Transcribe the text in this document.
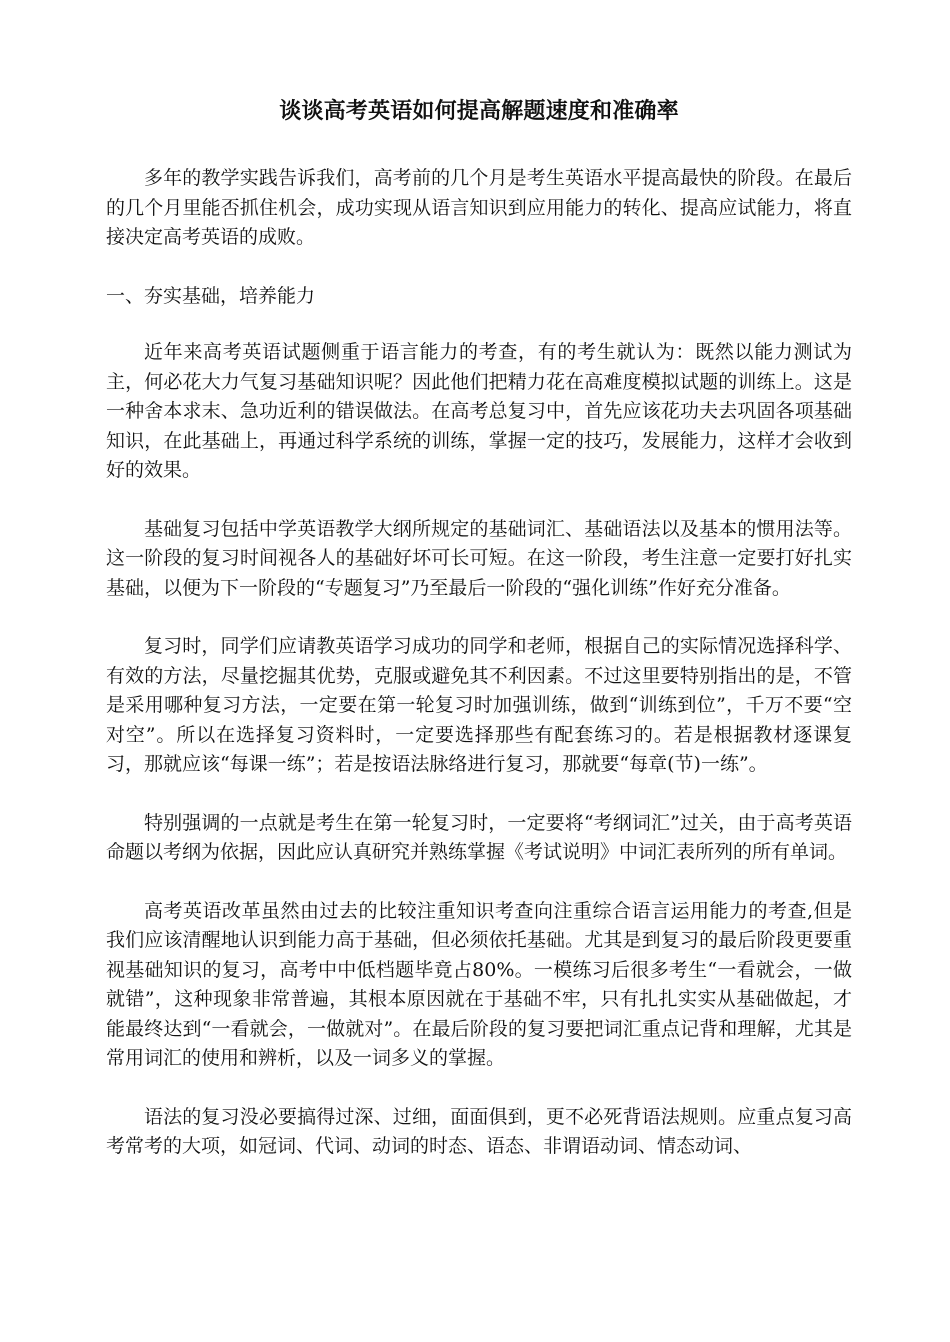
谈谈高考英语如何提高解题速度和准确率

多年的教学实践告诉我们，高考前的几个月是考生英语水平提高最快的阶段。在最后的几个月里能否抓住机会，成功实现从语言知识到应用能力的转化、提高应试能力，将直接决定高考英语的成败。

一、夯实基础，培养能力

近年来高考英语试题侧重于语言能力的考查，有的考生就认为：既然以能力测试为主，何必花大力气复习基础知识呢？因此他们把精力花在高难度模拟试题的训练上。这是一种舍本求末、急功近利的错误做法。在高考总复习中，首先应该花功夫去巩固各项基础知识，在此基础上，再通过科学系统的训练，掌握一定的技巧，发展能力，这样才会收到好的效果。

基础复习包括中学英语教学大纲所规定的基础词汇、基础语法以及基本的惯用法等。这一阶段的复习时间视各人的基础好坏可长可短。在这一阶段，考生注意一定要打好扎实基础，以便为下一阶段的“专题复习”乃至最后一阶段的“强化训练”作好充分准备。

复习时，同学们应请教英语学习成功的同学和老师，根据自己的实际情况选择科学、有效的方法，尽量挖掘其优势，克服或避免其不利因素。不过这里要特别指出的是，不管是采用哪种复习方法，一定要在第一轮复习时加强训练，做到“训练到位”，千万不要“空对空”。所以在选择复习资料时，一定要选择那些有配套练习的。若是根据教材逐课复习，那就应该“每课一练”；若是按语法脉络进行复习，那就要“每章(节)一练”。

特别强调的一点就是考生在第一轮复习时，一定要将“考纲词汇”过关，由于高考英语命题以考纲为依据，因此应认真研究并熟练掌握《考试说明》中词汇表所列的所有单词。

高考英语改革虽然由过去的比较注重知识考查向注重综合语言运用能力的考查,但是我们应该清醒地认识到能力高于基础，但必须依托基础。尤其是到复习的最后阶段更要重视基础知识的复习，高考中中低档题毕竟占80%。一模练习后很多考生“一看就会，一做就错”，这种现象非常普遍，其根本原因就在于基础不牢，只有扎扎实实从基础做起，才能最终达到“一看就会，一做就对”。在最后阶段的复习要把词汇重点记背和理解，尤其是常用词汇的使用和辨析，以及一词多义的掌握。

语法的复习没必要搞得过深、过细，面面俱到，更不必死背语法规则。应重点复习高考常考的大项，如冠词、代词、动词的时态、语态、非谓语动词、情态动词、
